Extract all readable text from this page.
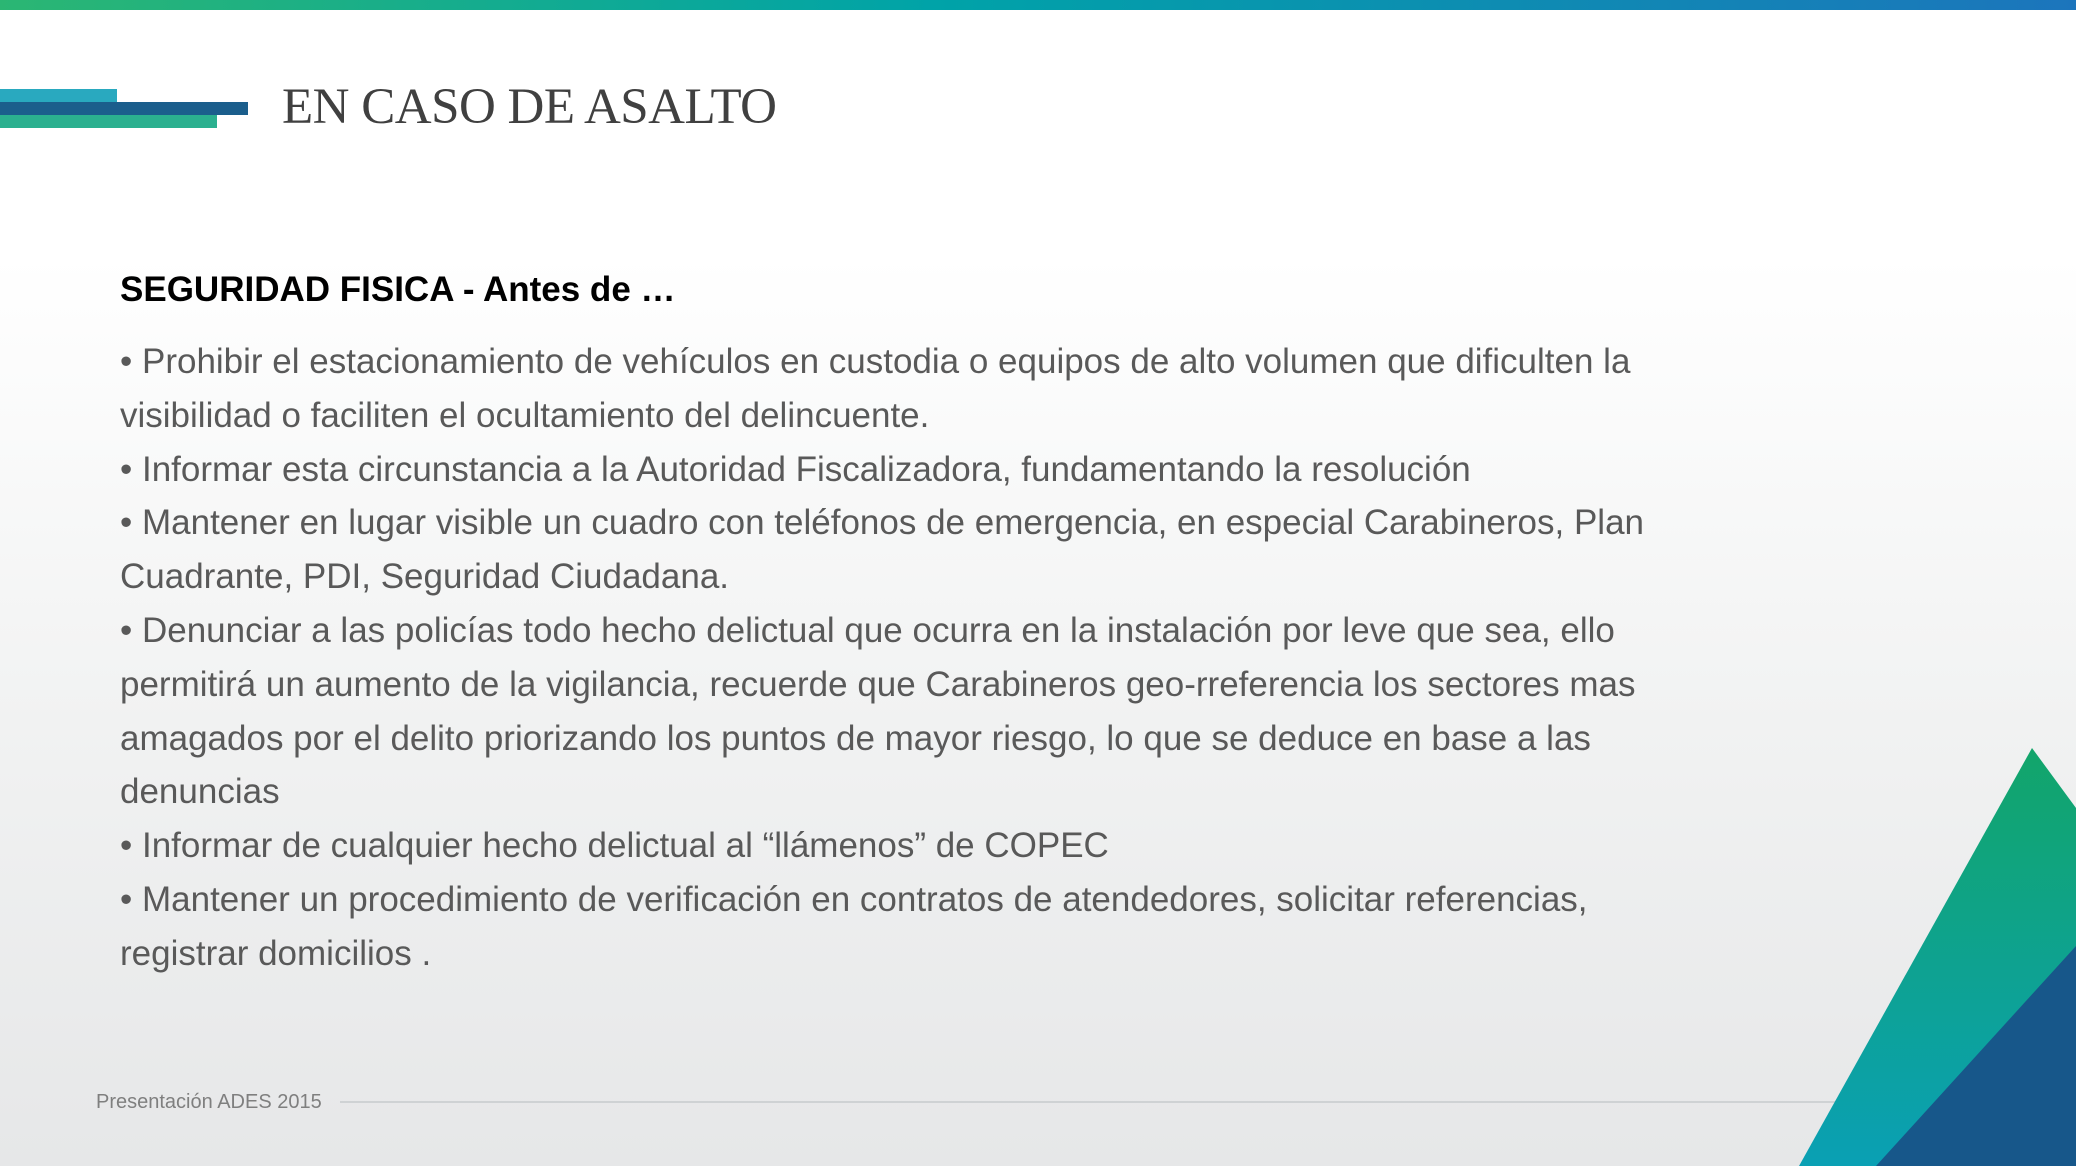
EN CASO DE ASALTO
SEGURIDAD FISICA - Antes de …
• Prohibir el estacionamiento de vehículos en custodia o equipos de alto volumen que dificulten la
visibilidad o faciliten el ocultamiento del delincuente.
• Informar esta circunstancia a la Autoridad Fiscalizadora, fundamentando la resolución
• Mantener en lugar visible un cuadro con teléfonos de emergencia, en especial Carabineros, Plan
Cuadrante, PDI, Seguridad Ciudadana.
• Denunciar a las policías todo hecho delictual que ocurra en la instalación por leve que sea, ello
permitirá un aumento de la vigilancia, recuerde que Carabineros geo-rreferencia los sectores mas
amagados por el delito priorizando los puntos de mayor riesgo, lo que se deduce en base a las
denuncias
• Informar de cualquier hecho delictual al “llámenos” de COPEC
• Mantener un procedimiento de verificación en contratos de atendedores, solicitar referencias,
registrar domicilios .
Presentación ADES 2015
